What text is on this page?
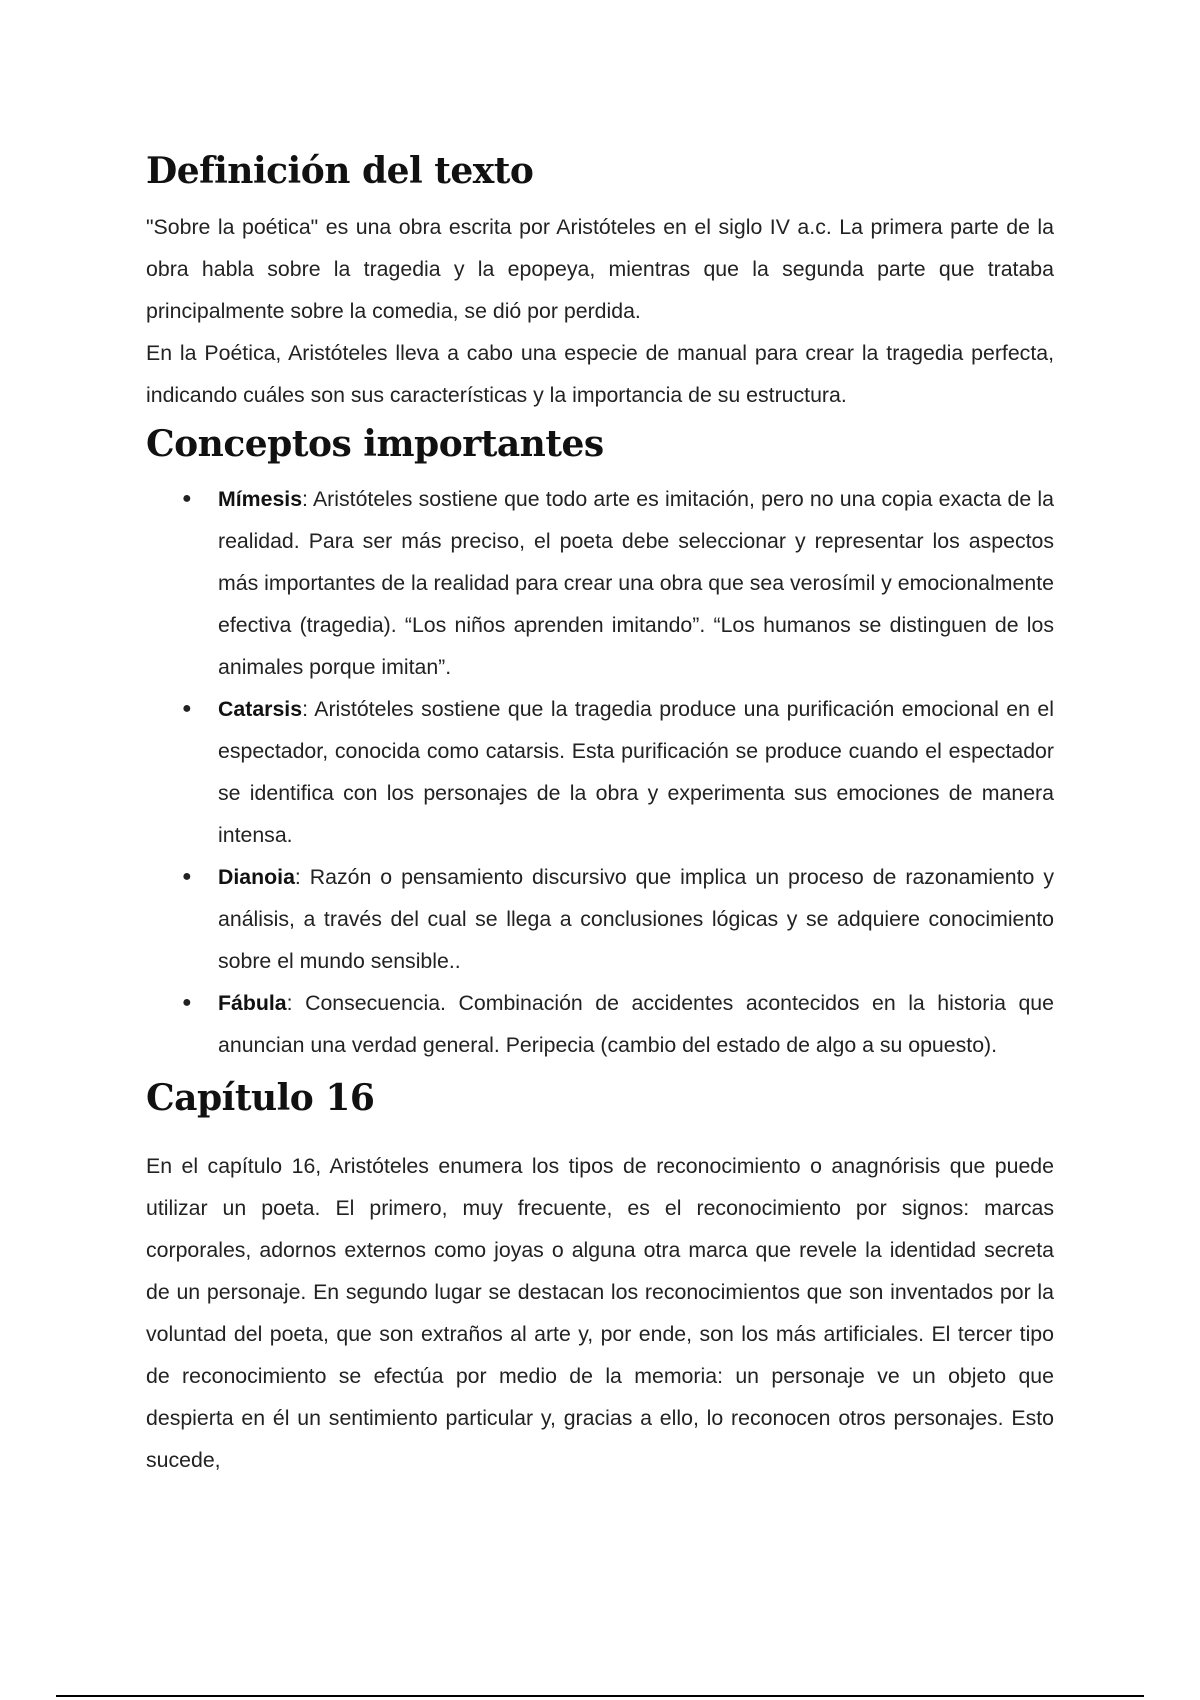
Definición del texto

"Sobre la poética" es una obra escrita por Aristóteles en el siglo IV a.c. La primera parte de la obra habla sobre la tragedia y la epopeya, mientras que la segunda parte que trataba principalmente sobre la comedia, se dió por perdida.

En la Poética, Aristóteles lleva a cabo una especie de manual para crear la tragedia perfecta, indicando cuáles son sus características y la importancia de su estructura.

Conceptos importantes
● Mímesis: Aristóteles sostiene que todo arte es imitación, pero no una copia exacta de la realidad. Para ser más preciso, el poeta debe seleccionar y representar los aspectos más importantes de la realidad para crear una obra que sea verosímil y emocionalmente efectiva (tragedia). “Los niños aprenden imitando”. “Los humanos se distinguen de los animales porque imitan”.
● Catarsis: Aristóteles sostiene que la tragedia produce una purificación emocional en el espectador, conocida como catarsis. Esta purificación se produce cuando el espectador se identifica con los personajes de la obra y experimenta sus emociones de manera intensa.
● Dianoia: Razón o pensamiento discursivo que implica un proceso de razonamiento y análisis, a través del cual se llega a conclusiones lógicas y se adquiere conocimiento sobre el mundo sensible..
● Fábula: Consecuencia. Combinación de accidentes acontecidos en la historia que anuncian una verdad general. Peripecia (cambio del estado de algo a su opuesto).
Capítulo 16

En el capítulo 16, Aristóteles enumera los tipos de reconocimiento o anagnórisis que puede utilizar un poeta. El primero, muy frecuente, es el reconocimiento por signos: marcas corporales, adornos externos como joyas o alguna otra marca que revele la identidad secreta de un personaje. En segundo lugar se destacan los reconocimientos que son inventados por la voluntad del poeta, que son extraños al arte y, por ende, son los más artificiales. El tercer tipo de reconocimiento se efectúa por medio de la memoria: un personaje ve un objeto que despierta en él un sentimiento particular y, gracias a ello, lo reconocen otros personajes. Esto sucede,
